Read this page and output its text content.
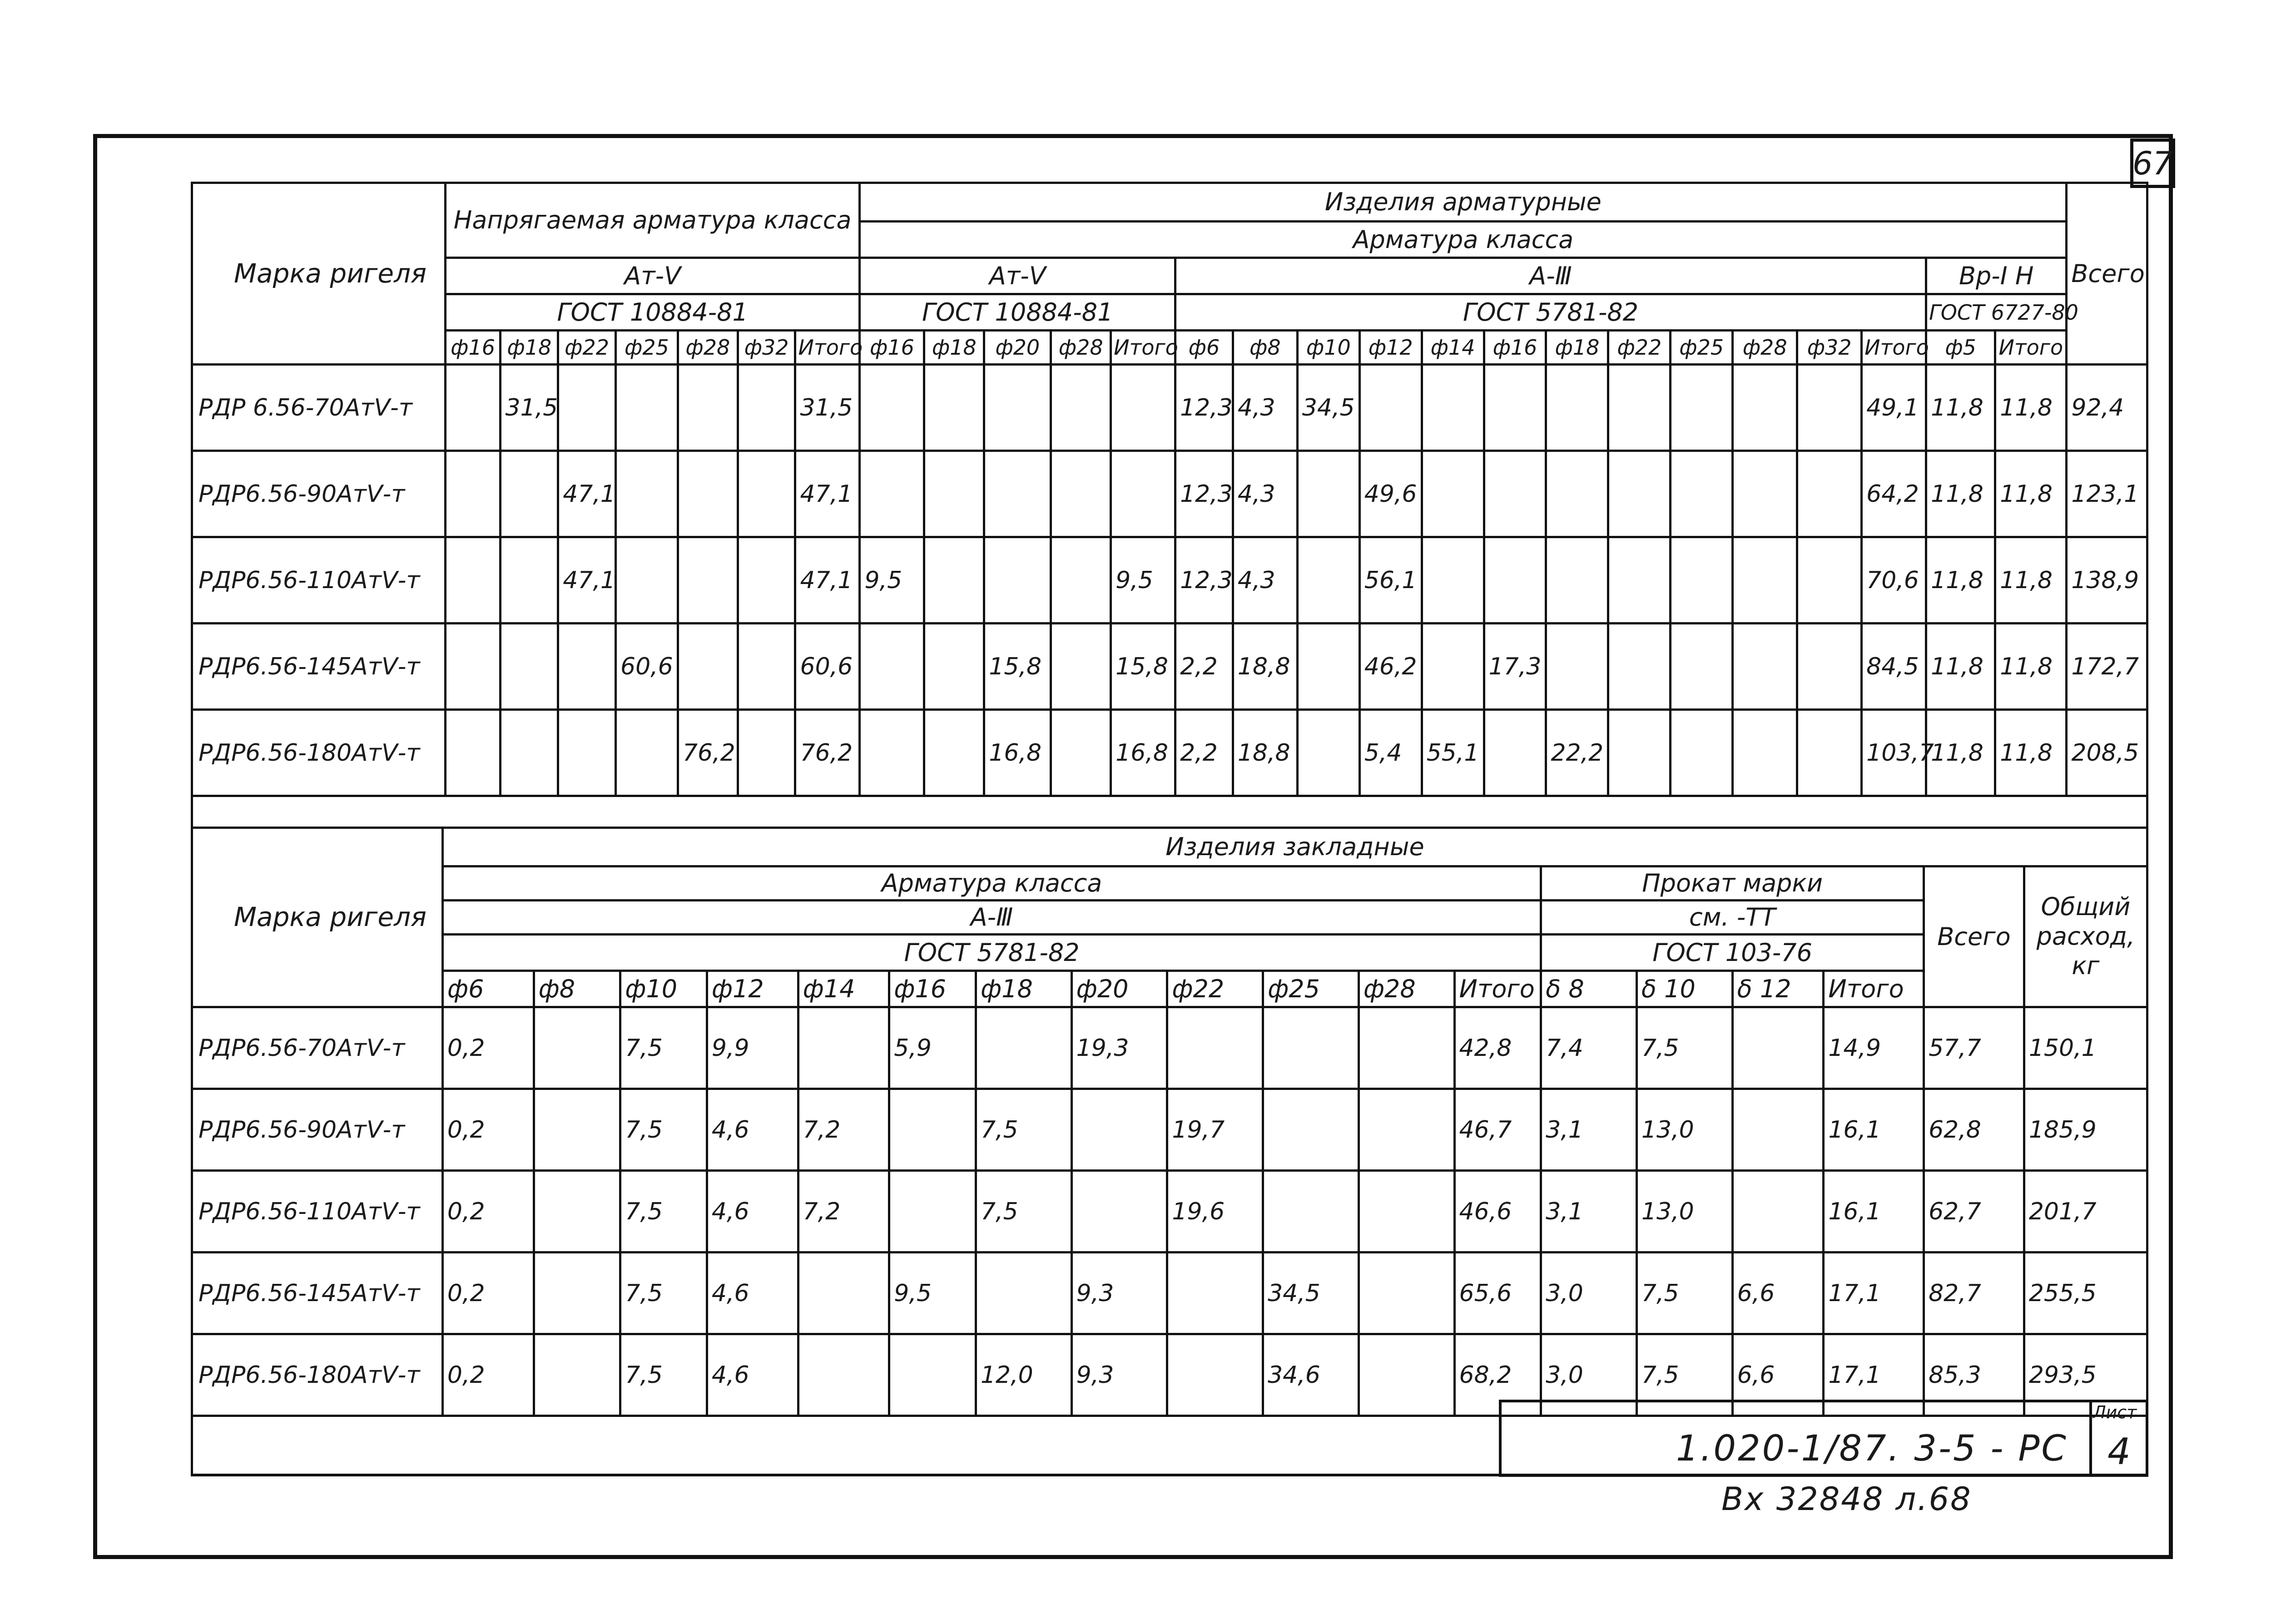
67
Марка ригеля	Напрягаемая арматура класса							Изделия арматурные																			Всего
								Арматура класса																			
	Ат-Ⅴ							Ат-Ⅴ					А-Ⅲ												Вр-Ⅰ Н		
	ГОСТ 10884-81							ГОСТ 10884-81					ГОСТ 5781-82												ГОСТ 6727-80		
	ф16	ф18	ф22	ф25	ф28	ф32	Итого	ф16	ф18	ф20	ф28	Итого	ф6	ф8	ф10	ф12	ф14	ф16	ф18	ф22	ф25	ф28	ф32	Итого	ф5	Итого	
РДР 6.56-70АтⅤ-т		31,5					31,5						12,3	4,3	34,5									49,1	11,8	11,8	92,4
РДР6.56-90АтⅤ-т			47,1				47,1						12,3	4,3		49,6								64,2	11,8	11,8	123,1
РДР6.56-110АтⅤ-т			47,1				47,1	9,5				9,5	12,3	4,3		56,1								70,6	11,8	11,8	138,9
РДР6.56-145АтⅤ-т				60,6			60,6			15,8		15,8	2,2	18,8		46,2		17,3						84,5	11,8	11,8	172,7
РДР6.56-180АтⅤ-т					76,2		76,2			16,8		16,8	2,2	18,8		5,4	55,1		22,2					103,7	11,8	11,8	208,5
Марка ригеля	Изделия закладные																	
	Арматура класса												Прокат марки				Всего	Общий расход, кг
	А-Ⅲ												см. -ТТ					
	ГОСТ 5781-82												ГОСТ 103-76					
	ф6	ф8	ф10	ф12	ф14	ф16	ф18	ф20	ф22	ф25	ф28	Итого	δ 8	δ 10	δ 12	Итого		
РДР6.56-70АтⅤ-т	0,2		7,5	9,9		5,9		19,3				42,8	7,4	7,5		14,9	57,7	150,1
РДР6.56-90АтⅤ-т	0,2		7,5	4,6	7,2		7,5		19,7			46,7	3,1	13,0		16,1	62,8	185,9
РДР6.56-110АтⅤ-т	0,2		7,5	4,6	7,2		7,5		19,6			46,6	3,1	13,0		16,1	62,7	201,7
РДР6.56-145АтⅤ-т	0,2		7,5	4,6		9,5		9,3		34,5		65,6	3,0	7,5	6,6	17,1	82,7	255,5
РДР6.56-180АтⅤ-т	0,2		7,5	4,6			12,0	9,3		34,6		68,2	3,0	7,5	6,6	17,1	85,3	293,5
1.020-1/87. 3-5 - РС
Лист
4
Вх 32848 л.68
